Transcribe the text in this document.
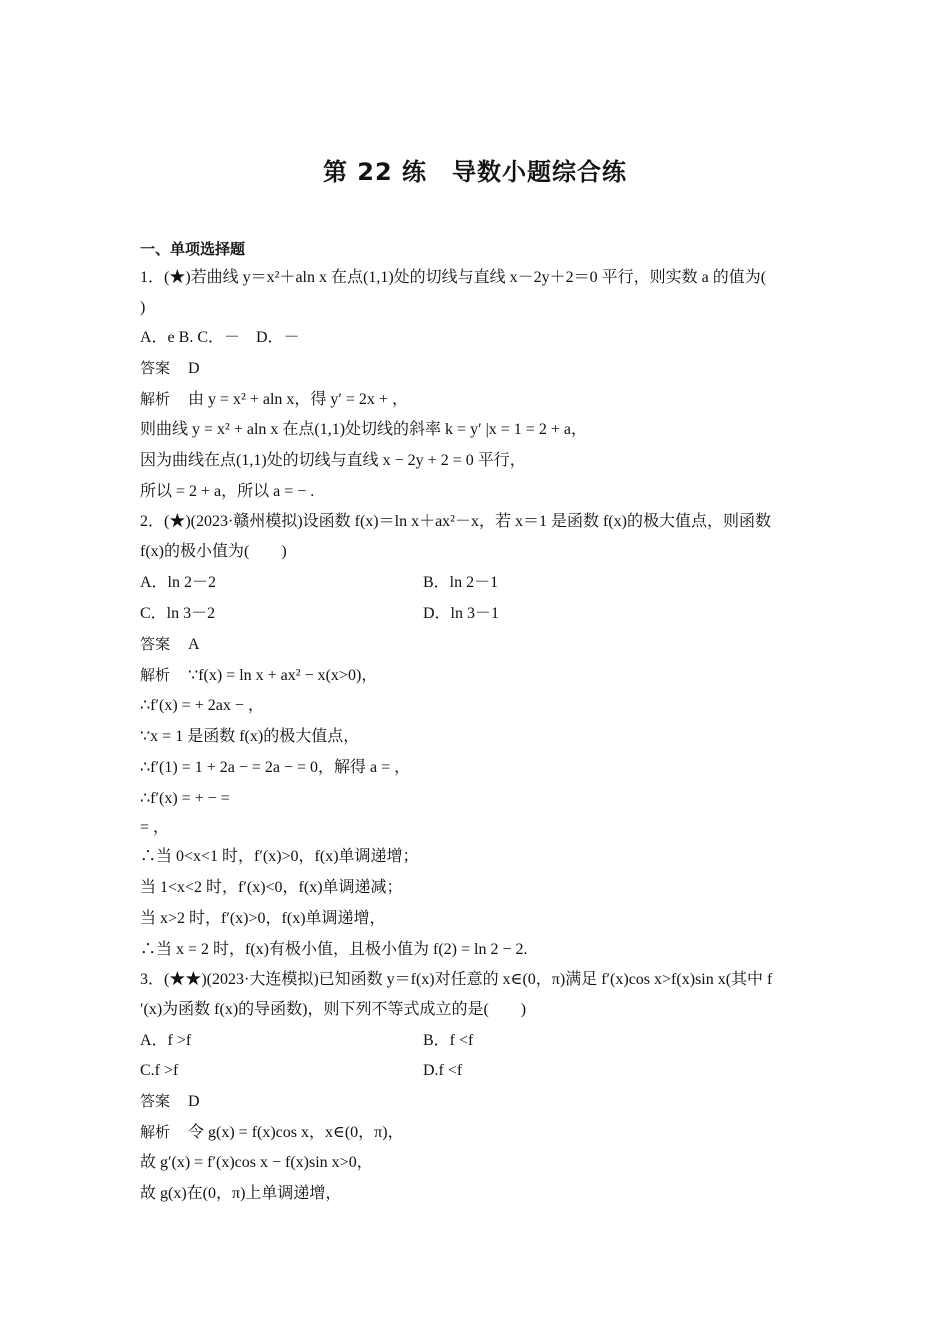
第 22 练　导数小题综合练
一、单项选择题
1．(★)若曲线 y＝x²＋aln x 在点(1,1)处的切线与直线 x－2y＋2＝0 平行，则实数 a 的值为(
)
A．e B. C．－　D．－
答案 D
解析 由 y = x² + aln x，得 y′ = 2x + ，
则曲线 y = x² + aln x 在点(1,1)处切线的斜率 k = y′ |x = 1 = 2 + a，
因为曲线在点(1,1)处的切线与直线 x − 2y + 2 = 0 平行，
所以 = 2 + a，所以 a = − .
2．(★)(2023·赣州模拟)设函数 f(x)＝ln x＋ax²－x，若 x＝1 是函数 f(x)的极大值点，则函数
f(x)的极小值为(　　)
A．ln 2－2	B．ln 2－1
C．ln 3－2	D．ln 3－1
答案 A
解析 ∵f(x) = ln x + ax² − x(x>0)，
∴f′(x) = + 2ax − ，
∵x = 1 是函数 f(x)的极大值点，
∴f′(1) = 1 + 2a − = 2a − = 0，解得 a = ，
∴f′(x) = + − =
= ，
∴当 0<x<1 时，f′(x)>0，f(x)单调递增；
当 1<x<2 时，f′(x)<0，f(x)单调递减；
当 x>2 时，f′(x)>0，f(x)单调递增，
∴当 x = 2 时，f(x)有极小值，且极小值为 f(2) = ln 2 − 2.
3．(★★)(2023·大连模拟)已知函数 y＝f(x)对任意的 x∈(0，π)满足 f′(x)cos x>f(x)sin x(其中 f
′(x)为函数 f(x)的导函数)，则下列不等式成立的是(　　)
A．f >f	B．f <f
C.f >f	D.f <f
答案 D
解析 令 g(x) = f(x)cos x，x∈(0，π)，
故 g′(x) = f′(x)cos x − f(x)sin x>0，
故 g(x)在(0，π)上单调递增，
